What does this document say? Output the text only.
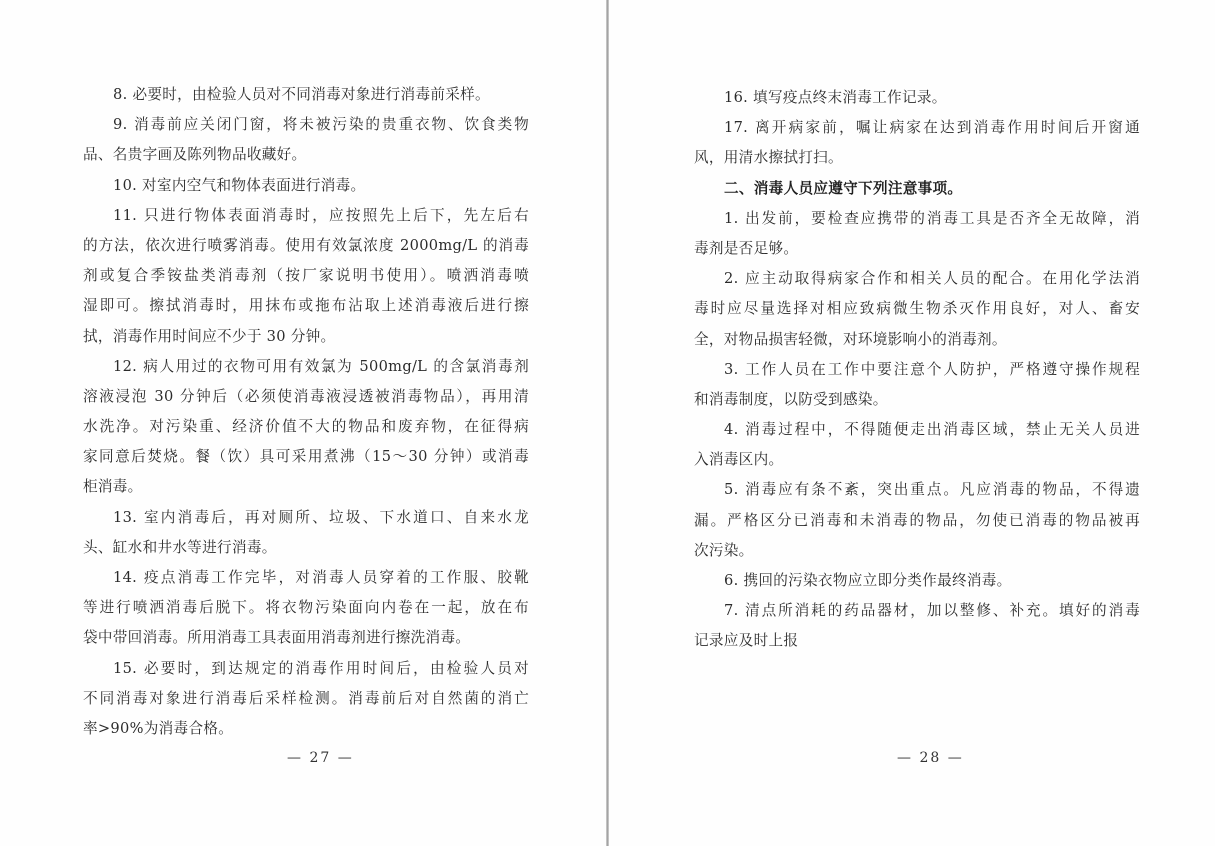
8. 必要时，由检验人员对不同消毒对象进行消毒前采样。
9. 消毒前应关闭门窗，将未被污染的贵重衣物、饮食类物
品、名贵字画及陈列物品收藏好。
10. 对室内空气和物体表面进行消毒。
11. 只进行物体表面消毒时，应按照先上后下，先左后右
的方法，依次进行喷雾消毒。使用有效氯浓度 2000mg/L 的消毒
剂或复合季铵盐类消毒剂（按厂家说明书使用）。喷洒消毒喷
湿即可。擦拭消毒时，用抹布或拖布沾取上述消毒液后进行擦
拭，消毒作用时间应不少于 30 分钟。
12. 病人用过的衣物可用有效氯为 500mg/L 的含氯消毒剂
溶液浸泡 30 分钟后（必须使消毒液浸透被消毒物品），再用清
水洗净。对污染重、经济价值不大的物品和废弃物，在征得病
家同意后焚烧。餐（饮）具可采用煮沸（15～30 分钟）或消毒
柜消毒。
13. 室内消毒后，再对厕所、垃圾、下水道口、自来水龙
头、缸水和井水等进行消毒。
14. 疫点消毒工作完毕，对消毒人员穿着的工作服、胶靴
等进行喷洒消毒后脱下。将衣物污染面向内卷在一起，放在布
袋中带回消毒。所用消毒工具表面用消毒剂进行擦洗消毒。
15. 必要时，到达规定的消毒作用时间后，由检验人员对
不同消毒对象进行消毒后采样检测。消毒前后对自然菌的消亡
率>90%为消毒合格。
— 27 —
16. 填写疫点终末消毒工作记录。
17. 离开病家前，嘱让病家在达到消毒作用时间后开窗通
风，用清水擦拭打扫。
二、消毒人员应遵守下列注意事项。
1. 出发前，要检查应携带的消毒工具是否齐全无故障，消
毒剂是否足够。
2. 应主动取得病家合作和相关人员的配合。在用化学法消
毒时应尽量选择对相应致病微生物杀灭作用良好，对人、畜安
全，对物品损害轻微，对环境影响小的消毒剂。
3. 工作人员在工作中要注意个人防护，严格遵守操作规程
和消毒制度，以防受到感染。
4. 消毒过程中，不得随便走出消毒区域，禁止无关人员进
入消毒区内。
5. 消毒应有条不紊，突出重点。凡应消毒的物品，不得遗
漏。严格区分已消毒和未消毒的物品，勿使已消毒的物品被再
次污染。
6. 携回的污染衣物应立即分类作最终消毒。
7. 清点所消耗的药品器材，加以整修、补充。填好的消毒
记录应及时上报
— 28 —
